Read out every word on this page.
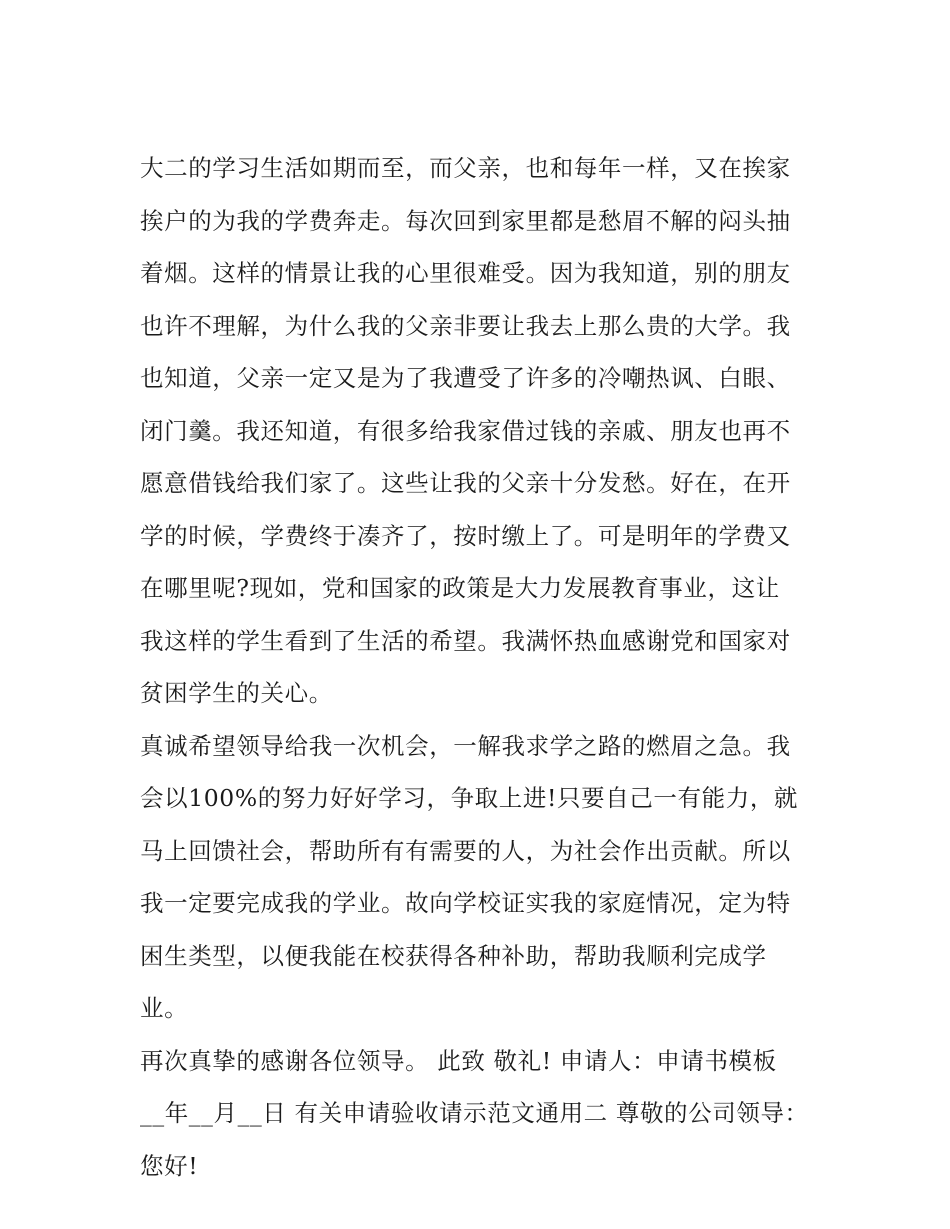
大二的学习生活如期而至，而父亲，也和每年一样，又在挨家
挨户的为我的学费奔走。每次回到家里都是愁眉不解的闷头抽
着烟。这样的情景让我的心里很难受。因为我知道，别的朋友
也许不理解，为什么我的父亲非要让我去上那么贵的大学。我
也知道，父亲一定又是为了我遭受了许多的冷嘲热讽、白眼、
闭门羹。我还知道，有很多给我家借过钱的亲戚、朋友也再不
愿意借钱给我们家了。这些让我的父亲十分发愁。好在，在开
学的时候，学费终于凑齐了，按时缴上了。可是明年的学费又
在哪里呢?现如，党和国家的政策是大力发展教育事业，这让
我这样的学生看到了生活的希望。我满怀热血感谢党和国家对
贫困学生的关心。
真诚希望领导给我一次机会，一解我求学之路的燃眉之急。我
会以100%的努力好好学习，争取上进!只要自己一有能力，就
马上回馈社会，帮助所有有需要的人，为社会作出贡献。所以
我一定要完成我的学业。故向学校证实我的家庭情况，定为特
困生类型，以便我能在校获得各种补助，帮助我顺利完成学
业。
再次真挚的感谢各位领导。 此致 敬礼! 申请人：申请书模板
__年__月__日 有关申请验收请示范文通用二 尊敬的公司领导：
您好!
